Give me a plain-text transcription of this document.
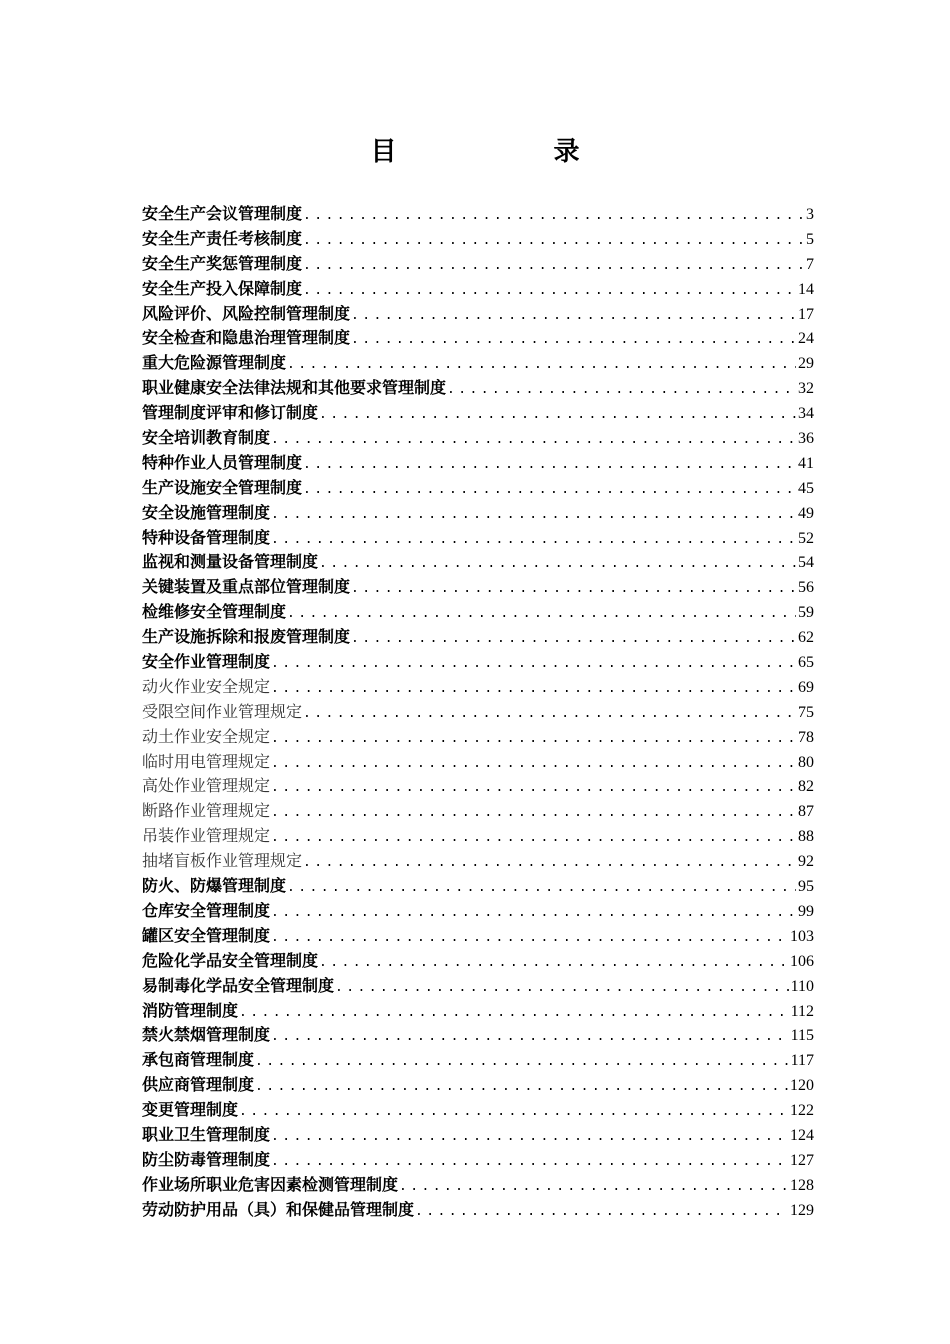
目 录
安全生产会议管理制度 .....	3
安全生产责任考核制度 .....	5
安全生产奖惩管理制度 .....	7
安全生产投入保障制度 .....	14
风险评价、风险控制管理制度 .....	17
安全检查和隐患治理管理制度 .....	24
重大危险源管理制度 .....	29
职业健康安全法律法规和其他要求管理制度 .....	32
管理制度评审和修订制度 .....	34
安全培训教育制度 .....	36
特种作业人员管理制度 .....	41
生产设施安全管理制度 .....	45
安全设施管理制度 .....	49
特种设备管理制度 .....	52
监视和测量设备管理制度 .....	54
关键装置及重点部位管理制度 .....	56
检维修安全管理制度 .....	59
生产设施拆除和报废管理制度 .....	62
安全作业管理制度 .....	65
动火作业安全规定 .....	69
受限空间作业管理规定 .....	75
动土作业安全规定 .....	78
临时用电管理规定 .....	80
高处作业管理规定 .....	82
断路作业管理规定 .....	87
吊装作业管理规定 .....	88
抽堵盲板作业管理规定 .....	92
防火、防爆管理制度 .....	95
仓库安全管理制度 .....	99
罐区安全管理制度 .....	103
危险化学品安全管理制度 .....	106
易制毒化学品安全管理制度 .....	110
消防管理制度 .....	112
禁火禁烟管理制度 .....	115
承包商管理制度 .....	117
供应商管理制度 .....	120
变更管理制度 .....	122
职业卫生管理制度 .....	124
防尘防毒管理制度 .....	127
作业场所职业危害因素检测管理制度 .....	128
劳动防护用品（具）和保健品管理制度 .....	129
